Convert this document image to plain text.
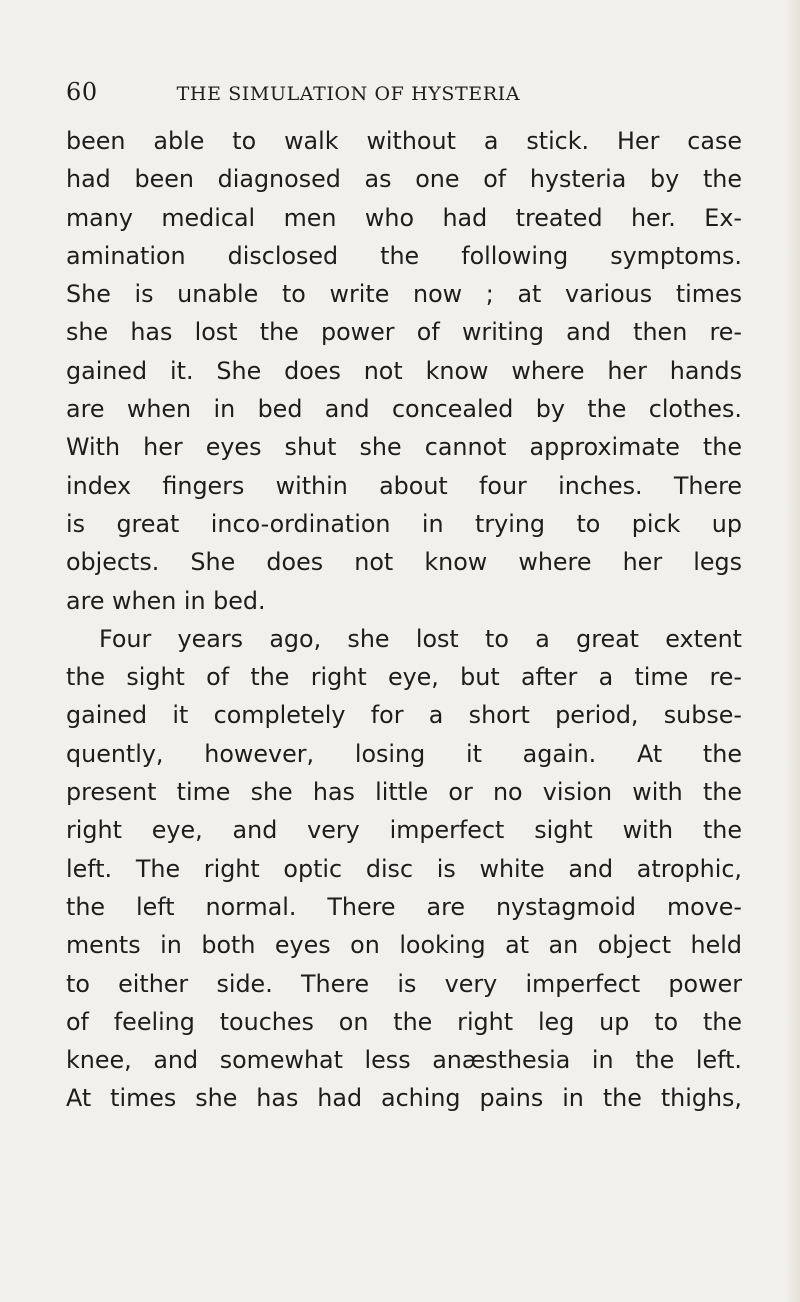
60	THE SIMULATION OF HYSTERIA
been able to walk without a stick. Her case
had been diagnosed as one of hysteria by the
many medical men who had treated her. Ex-
amination disclosed the following symptoms.
She is unable to write now ; at various times
she has lost the power of writing and then re-
gained it. She does not know where her hands
are when in bed and concealed by the clothes.
With her eyes shut she cannot approximate the
index fingers within about four inches. There
is great inco-ordination in trying to pick up
objects. She does not know where her legs
are when in bed.
Four years ago, she lost to a great extent
the sight of the right eye, but after a time re-
gained it completely for a short period, subse-
quently, however, losing it again. At the
present time she has little or no vision with the
right eye, and very imperfect sight with the
left. The right optic disc is white and atrophic,
the left normal. There are nystagmoid move-
ments in both eyes on looking at an object held
to either side. There is very imperfect power
of feeling touches on the right leg up to the
knee, and somewhat less anæsthesia in the left.
At times she has had aching pains in the thighs,
